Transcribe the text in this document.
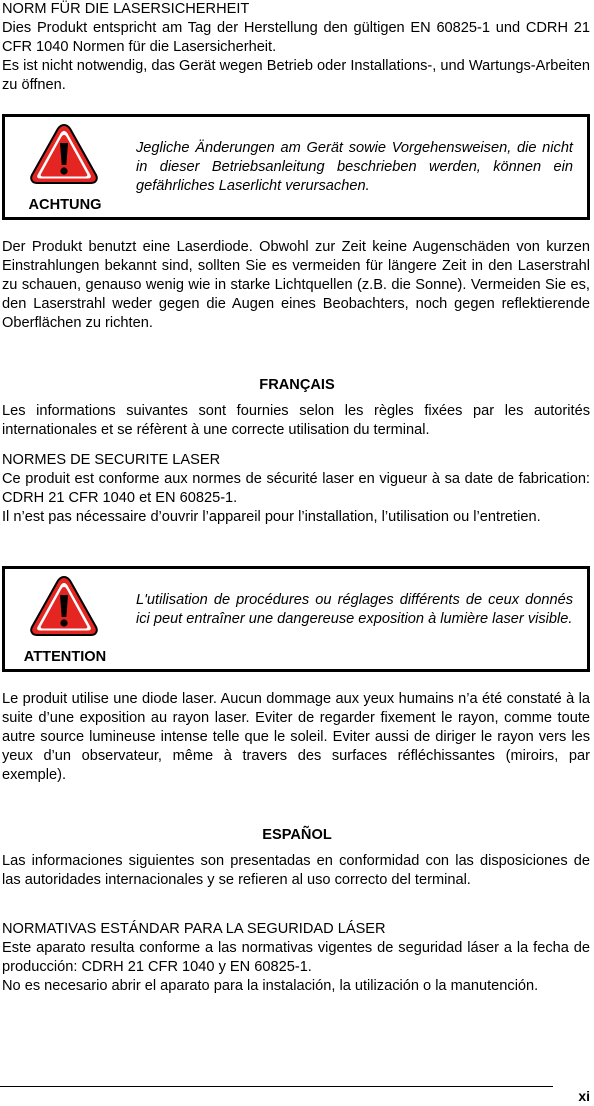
NORM FÜR DIE LASERSICHERHEIT

Dies Produkt entspricht am Tag der Herstellung den gültigen EN 60825-1 und CDRH 21 CFR 1040 Normen für die Lasersicherheit.

Es ist nicht notwendig, das Gerät wegen Betrieb oder Installations-, und Wartungs-Arbeiten zu öffnen.

ACHTUNG

Jegliche Änderungen am Gerät sowie Vorgehensweisen, die nicht in dieser Betriebsanleitung beschrieben werden, können ein gefährliches Laserlicht verursachen.

Der Produkt benutzt eine Laserdiode. Obwohl zur Zeit keine Augenschäden von kurzen Einstrahlungen bekannt sind, sollten Sie es vermeiden für längere Zeit in den Laserstrahl zu schauen, genauso wenig wie in starke Lichtquellen (z.B. die Sonne). Vermeiden Sie es, den Laserstrahl weder gegen die Augen eines Beobachters, noch gegen reflektierende Oberflächen zu richten.

FRANÇAIS

Les informations suivantes sont fournies selon les règles fixées par les autorités internationales et se réfèrent à une correcte utilisation du terminal.

NORMES DE SECURITE LASER

Ce produit est conforme aux normes de sécurité laser en vigueur à sa date de fabrication: CDRH 21 CFR 1040 et EN 60825-1.

Il n’est pas nécessaire d’ouvrir l’appareil pour l’installation, l’utilisation ou l’entretien.

ATTENTION

L'utilisation de procédures ou réglages différents de ceux donnés ici peut entraîner une dangereuse exposition à lumière laser visible.

Le produit utilise une diode laser. Aucun dommage aux yeux humains n’a été constaté à la suite d’une exposition au rayon laser. Eviter de regarder fixement le rayon, comme toute autre source lumineuse intense telle que le soleil. Eviter aussi de diriger le rayon vers les yeux d’un observateur, même à travers des surfaces réfléchissantes (miroirs, par exemple).

ESPAÑOL

Las informaciones siguientes son presentadas en conformidad con las disposiciones de las autoridades internacionales y se refieren al uso correcto del terminal.

NORMATIVAS ESTÁNDAR PARA LA SEGURIDAD LÁSER

Este aparato resulta conforme a las normativas vigentes de seguridad láser a la fecha de producción: CDRH 21 CFR 1040 y EN 60825-1.

No es necesario abrir el aparato para la instalación, la utilización o la manutención.

xi
